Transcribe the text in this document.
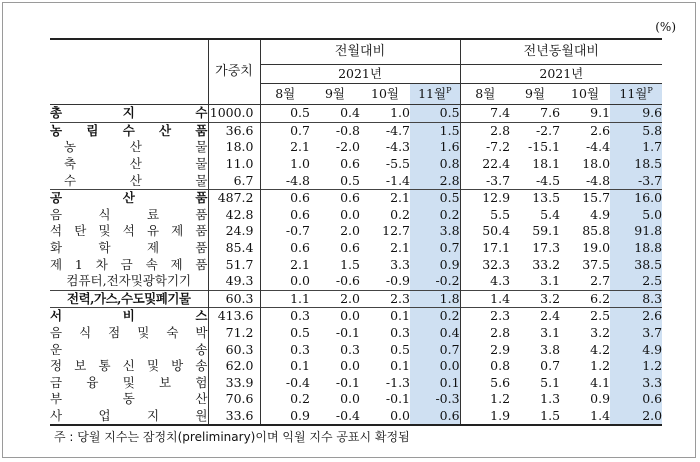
(%)
	가중치	전월대비				전년동월대비			
		2021년				2021년			
		8월	9월	10월	11월$^P$	8월	9월	10월	11월$^P$
총 지 수	1000.0	0.5	0.4	1.0	0.5	7.4	7.6	9.1	9.6
농 림 수 산 품	36.6	0.7	-0.8	-4.7	1.5	2.8	-2.7	2.6	5.8
농 산 물	18.0	2.1	-2.0	-4.3	1.6	-7.2	-15.1	-4.4	1.7
축 산 물	11.0	1.0	0.6	-5.5	0.8	22.4	18.1	18.0	18.5
수 산 물	6.7	-4.8	0.5	-1.4	2.8	-3.7	-4.5	-4.8	-3.7
공 산 품	487.2	0.6	0.6	2.1	0.5	12.9	13.5	15.7	16.0
음 식 료 품	42.8	0.6	0.0	0.2	0.2	5.5	5.4	4.9	5.0
석 탄 및 석 유 제 품	24.9	-0.7	2.0	12.7	3.8	50.4	59.1	85.8	91.8
화 학 제 품	85.4	0.6	0.6	2.1	0.7	17.1	17.3	19.0	18.8
제 1 차 금 속 제 품	51.7	2.1	1.5	3.3	0.9	32.3	33.2	37.5	38.5
컴퓨터,전자및광학기기	49.3	0.0	-0.6	-0.9	-0.2	4.3	3.1	2.7	2.5
전력,가스,수도및폐기물	60.3	1.1	2.0	2.3	1.8	1.4	3.2	6.2	8.3
서 비 스	413.6	0.3	0.0	0.1	0.2	2.3	2.4	2.5	2.6
음 식 점 및 숙 박	71.2	0.5	-0.1	0.3	0.4	2.8	3.1	3.2	3.7
운 송	60.3	0.3	0.3	0.5	0.7	2.9	3.8	4.2	4.9
정 보 통 신 및 방 송	62.0	0.1	0.0	0.1	0.0	0.8	0.7	1.2	1.2
금 융 및 보 험	33.9	-0.4	-0.1	-1.3	0.1	5.6	5.1	4.1	3.3
부 동 산	70.6	0.2	0.0	-0.1	-0.3	1.2	1.3	0.9	0.6
사 업 지 원	33.6	0.9	-0.4	0.0	0.6	1.9	1.5	1.4	2.0
주 : 당월 지수는 잠정치(preliminary)이며 익월 지수 공표시 확정됨
